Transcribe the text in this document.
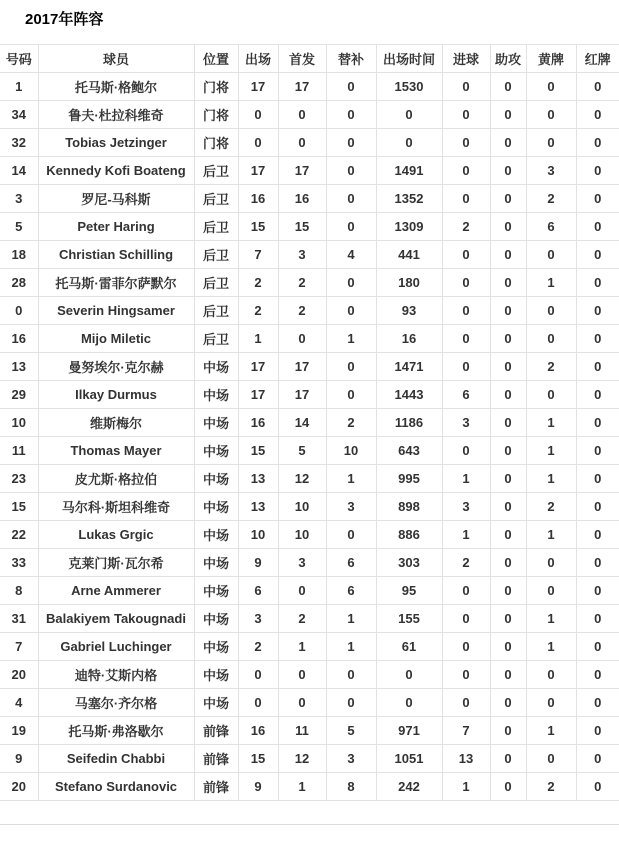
2017年阵容
号码	球员	位置	出场	首发	替补	出场时间	进球	助攻	黄牌	红牌
1	托马斯·格鲍尔	门将	17	17	0	1530	0	0	0	0
34	鲁夫·杜拉科维奇	门将	0	0	0	0	0	0	0	0
32	Tobias Jetzinger	门将	0	0	0	0	0	0	0	0
14	Kennedy Kofi Boateng	后卫	17	17	0	1491	0	0	3	0
3	罗尼-马科斯	后卫	16	16	0	1352	0	0	2	0
5	Peter Haring	后卫	15	15	0	1309	2	0	6	0
18	Christian Schilling	后卫	7	3	4	441	0	0	0	0
28	托马斯·雷菲尔萨默尔	后卫	2	2	0	180	0	0	1	0
0	Severin Hingsamer	后卫	2	2	0	93	0	0	0	0
16	Mijo Miletic	后卫	1	0	1	16	0	0	0	0
13	曼努埃尔·克尔赫	中场	17	17	0	1471	0	0	2	0
29	Ilkay Durmus	中场	17	17	0	1443	6	0	0	0
10	维斯梅尔	中场	16	14	2	1186	3	0	1	0
11	Thomas Mayer	中场	15	5	10	643	0	0	1	0
23	皮尤斯·格拉伯	中场	13	12	1	995	1	0	1	0
15	马尔科·斯坦科维奇	中场	13	10	3	898	3	0	2	0
22	Lukas Grgic	中场	10	10	0	886	1	0	1	0
33	克莱门斯·瓦尔希	中场	9	3	6	303	2	0	0	0
8	Arne Ammerer	中场	6	0	6	95	0	0	0	0
31	Balakiyem Takougnadi	中场	3	2	1	155	0	0	1	0
7	Gabriel Luchinger	中场	2	1	1	61	0	0	1	0
20	迪特·艾斯内格	中场	0	0	0	0	0	0	0	0
4	马塞尔·齐尔格	中场	0	0	0	0	0	0	0	0
19	托马斯·弗洛歇尔	前锋	16	11	5	971	7	0	1	0
9	Seifedin Chabbi	前锋	15	12	3	1051	13	0	0	0
20	Stefano Surdanovic	前锋	9	1	8	242	1	0	2	0
